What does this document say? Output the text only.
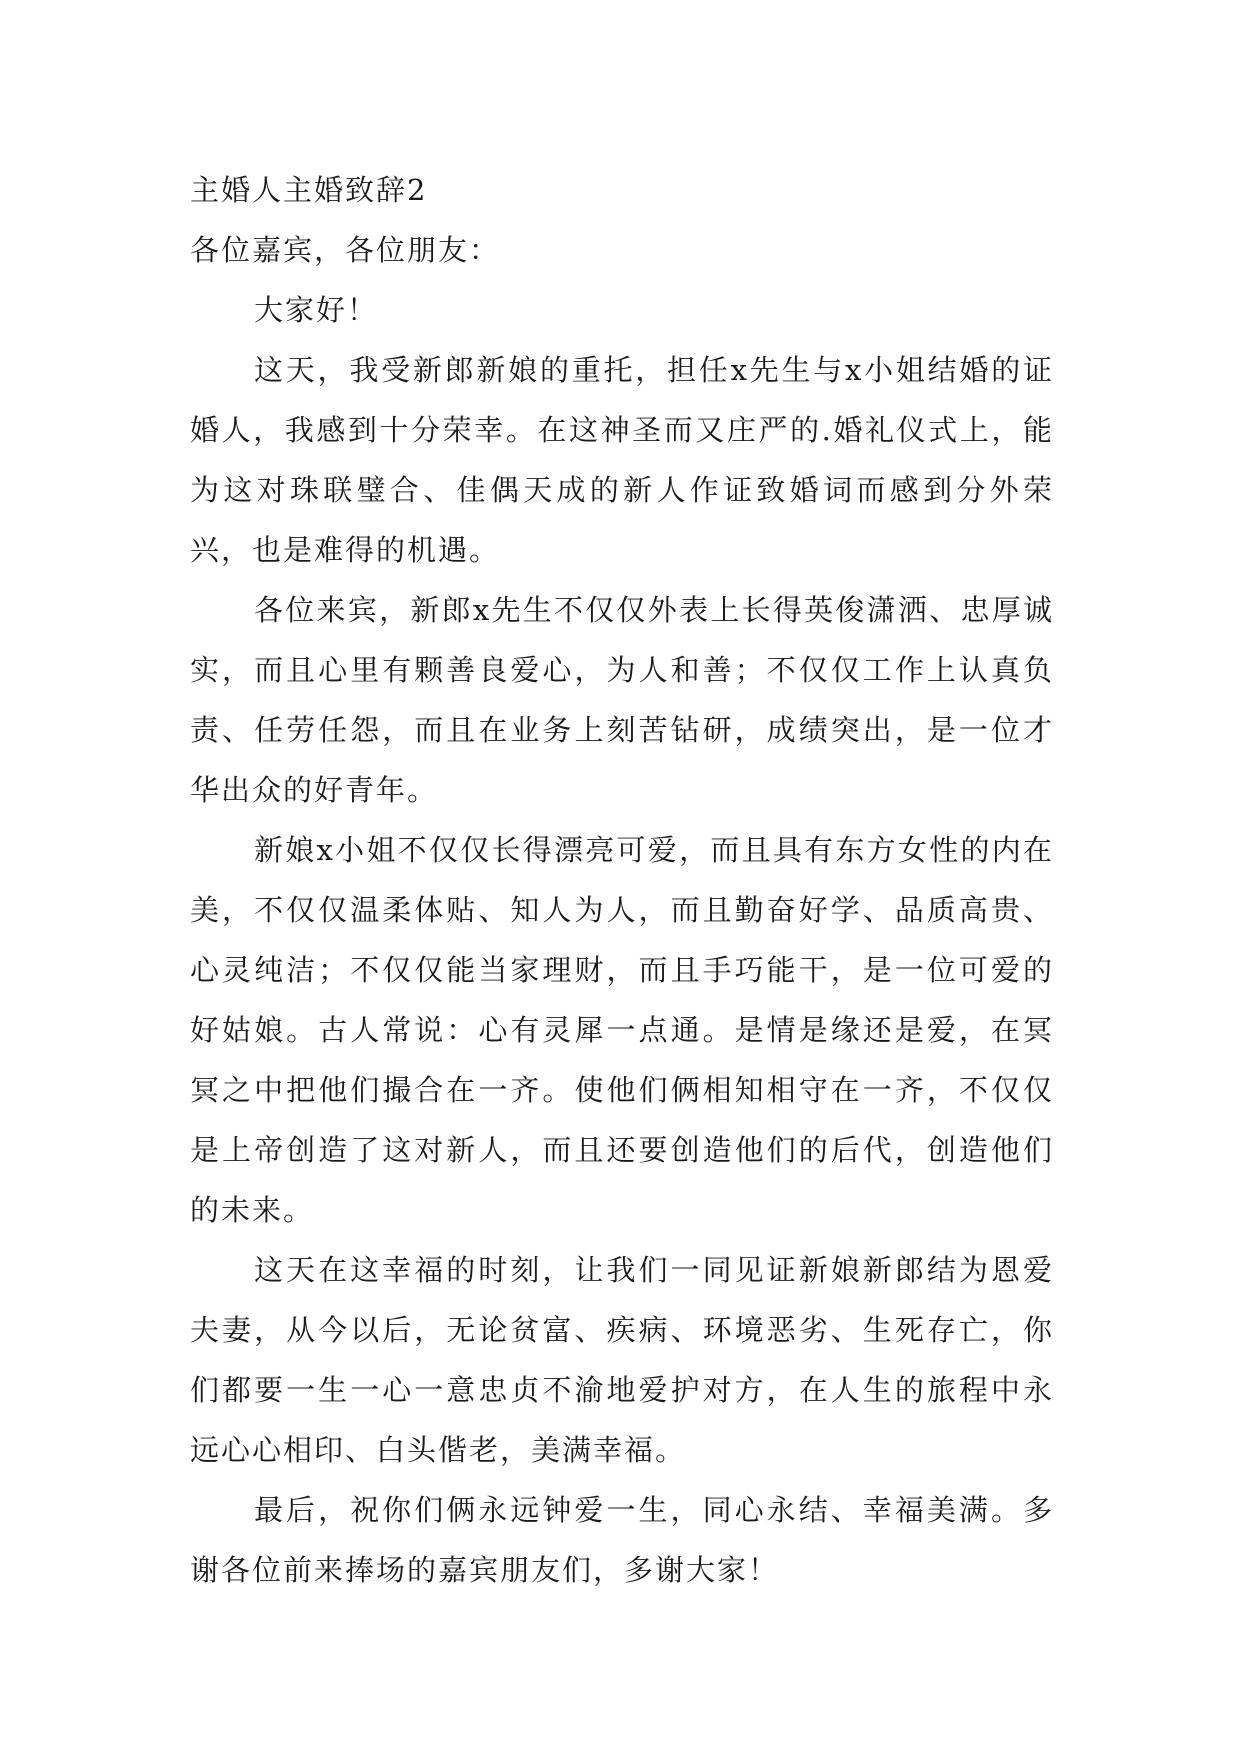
主婚人主婚致辞2

各位嘉宾，各位朋友：

大家好！

这天，我受新郎新娘的重托，担任x先生与x小姐结婚的证婚人，我感到十分荣幸。在这神圣而又庄严的.婚礼仪式上，能为这对珠联璧合、佳偶天成的新人作证致婚词而感到分外荣兴，也是难得的机遇。

各位来宾，新郎x先生不仅仅外表上长得英俊潇洒、忠厚诚实，而且心里有颗善良爱心，为人和善；不仅仅工作上认真负责、任劳任怨，而且在业务上刻苦钻研，成绩突出，是一位才华出众的好青年。

新娘x小姐不仅仅长得漂亮可爱，而且具有东方女性的内在美，不仅仅温柔体贴、知人为人，而且勤奋好学、品质高贵、心灵纯洁；不仅仅能当家理财，而且手巧能干，是一位可爱的好姑娘。古人常说：心有灵犀一点通。是情是缘还是爱，在冥冥之中把他们撮合在一齐。使他们俩相知相守在一齐，不仅仅是上帝创造了这对新人，而且还要创造他们的后代，创造他们的未来。

这天在这幸福的时刻，让我们一同见证新娘新郎结为恩爱夫妻，从今以后，无论贫富、疾病、环境恶劣、生死存亡，你们都要一生一心一意忠贞不渝地爱护对方，在人生的旅程中永远心心相印、白头偕老，美满幸福。

最后，祝你们俩永远钟爱一生，同心永结、幸福美满。多谢各位前来捧场的嘉宾朋友们，多谢大家！
